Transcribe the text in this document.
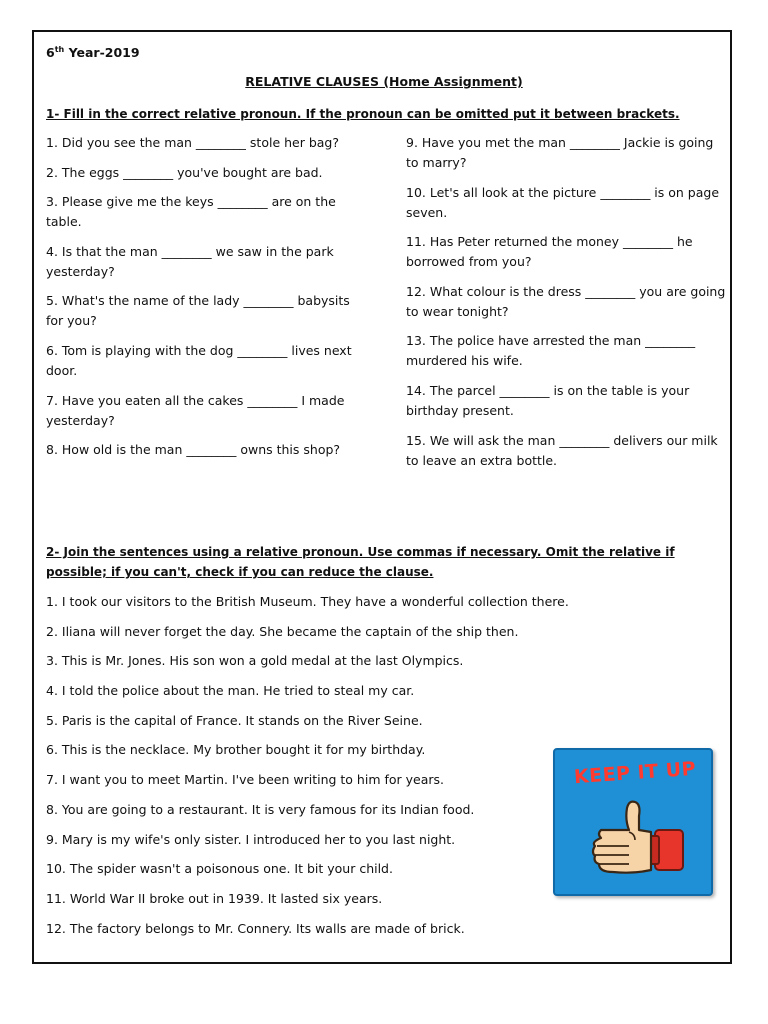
6th Year-2019
RELATIVE CLAUSES (Home Assignment)
1- Fill in the correct relative pronoun. If the pronoun can be omitted put it between brackets.
1. Did you see the man ________ stole her bag?
2. The eggs ________ you've bought are bad.
3. Please give me the keys ________ are on the table.
4. Is that the man ________ we saw in the park yesterday?
5. What's the name of the lady ________ babysits for you?
6. Tom is playing with the dog ________ lives next door.
7. Have you eaten all the cakes ________ I made yesterday?
8. How old is the man ________ owns this shop?
9. Have you met the man ________ Jackie is going to marry?
10. Let's all look at the picture ________ is on page seven.
11. Has Peter returned the money ________ he borrowed from you?
12. What colour is the dress ________ you are going to wear tonight?
13. The police have arrested the man ________ murdered his wife.
14. The parcel ________ is on the table is your birthday present.
15. We will ask the man ________ delivers our milk to leave an extra bottle.
2- Join the sentences using a relative pronoun. Use commas if necessary. Omit the relative if possible; if you can't, check if you can reduce the clause.
1. I took our visitors to the British Museum. They have a wonderful collection there.
2. Iliana will never forget the day. She became the captain of the ship then.
3. This is Mr. Jones. His son won a gold medal at the last Olympics.
4. I told the police about the man. He tried to steal my car.
5. Paris is the capital of France. It stands on the River Seine.
6. This is the necklace. My brother bought it for my birthday.
7. I want you to meet Martin. I've been writing to him for years.
8. You are going to a restaurant. It is very famous for its Indian food.
9. Mary is my wife's only sister. I introduced her to you last night.
10. The spider wasn't a poisonous one. It bit your child.
11. World War II broke out in 1939. It lasted six years.
12. The factory belongs to Mr. Connery. Its walls are made of brick.
KEEP IT UP
